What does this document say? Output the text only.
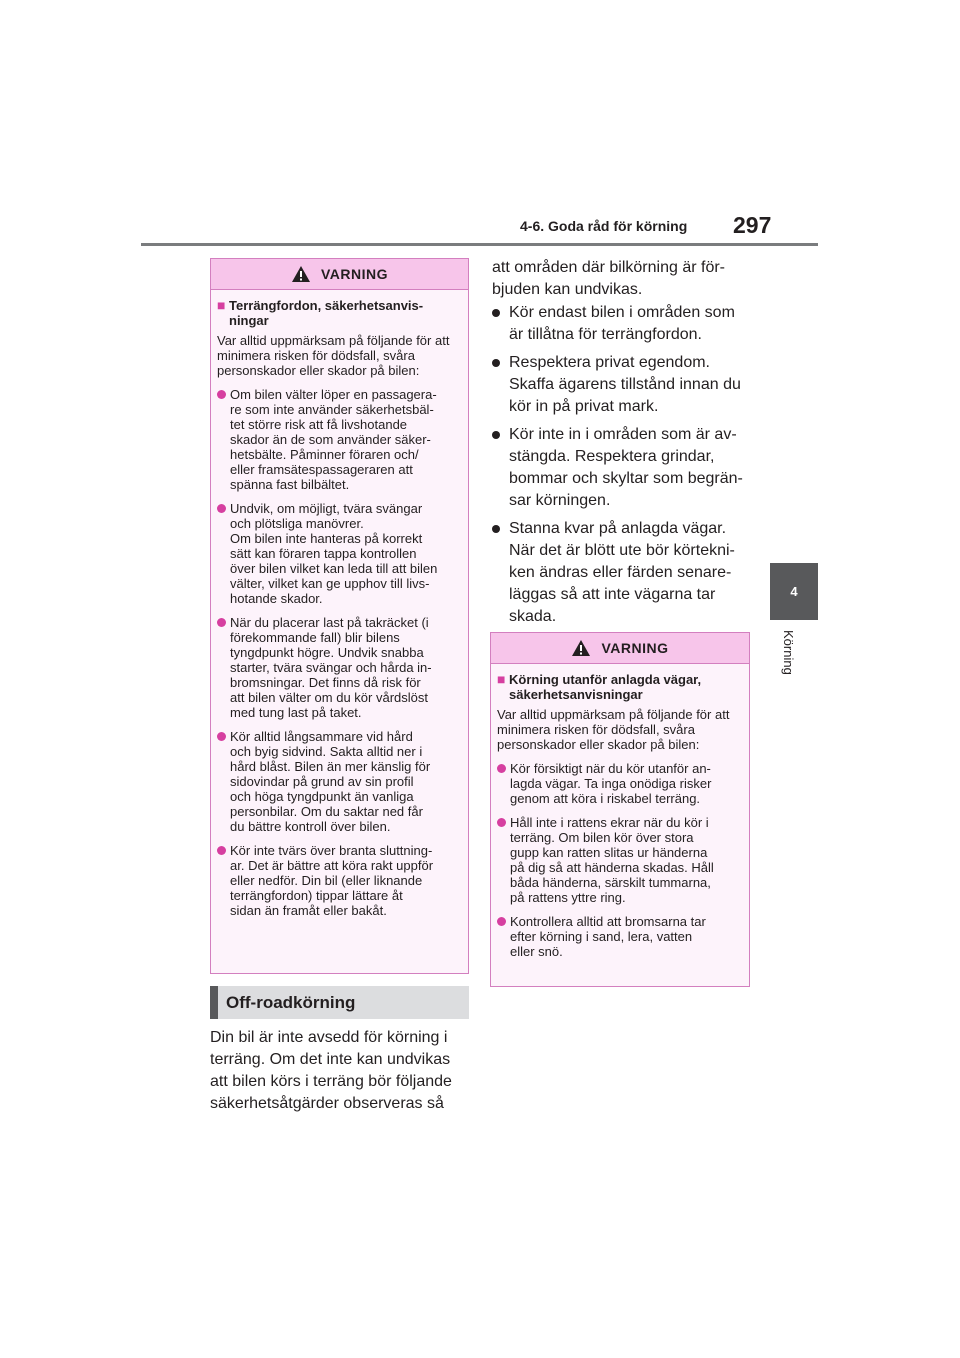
4-6. Goda råd för körning 297
4
Körning
VARNING
■ Terrängfordon, säkerhetsanvis-
ningar
Var alltid uppmärksam på följande för att minimera risken för dödsfall, svåra personskador eller skador på bilen:
Om bilen välter löper en passagera-
re som inte använder säkerhetsbäl-
tet större risk att få livshotande
skador än de som använder säker-
hetsbälte. Påminner föraren och/
eller framsätespassageraren att
spänna fast bilbältet.
Undvik, om möjligt, tvära svängar
och plötsliga manövrer.
Om bilen inte hanteras på korrekt
sätt kan föraren tappa kontrollen
över bilen vilket kan leda till att bilen
välter, vilket kan ge upphov till livs-
hotande skador.
När du placerar last på takräcket (i
förekommande fall) blir bilens
tyngdpunkt högre. Undvik snabba
starter, tvära svängar och hårda in-
bromsningar. Det finns då risk för
att bilen välter om du kör vårdslöst
med tung last på taket.
Kör alltid långsammare vid hård
och byig sidvind. Sakta alltid ner i
hård blåst. Bilen än mer känslig för
sidovindar på grund av sin profil
och höga tyngdpunkt än vanliga
personbilar. Om du saktar ned får
du bättre kontroll över bilen.
Kör inte tvärs över branta sluttning-
ar. Det är bättre att köra rakt uppför
eller nedför. Din bil (eller liknande
terrängfordon) tippar lättare åt
sidan än framåt eller bakåt.
Off-roadkörning
Din bil är inte avsedd för körning i
terräng. Om det inte kan undvikas
att bilen körs i terräng bör följande
säkerhetsåtgärder observeras så
att områden där bilkörning är för-
bjuden kan undvikas.
Kör endast bilen i områden som
är tillåtna för terrängfordon.
Respektera privat egendom.
Skaffa ägarens tillstånd innan du
kör in på privat mark.
Kör inte in i områden som är av-
stängda. Respektera grindar,
bommar och skyltar som begrän-
sar körningen.
Stanna kvar på anlagda vägar.
När det är blött ute bör körtekni-
ken ändras eller färden senare-
läggas så att inte vägarna tar
skada.
VARNING
■ Körning utanför anlagda vägar,
säkerhetsanvisningar
Var alltid uppmärksam på följande för att minimera risken för dödsfall, svåra personskador eller skador på bilen:
Kör försiktigt när du kör utanför an-
lagda vägar. Ta inga onödiga risker
genom att köra i riskabel terräng.
Håll inte i rattens ekrar när du kör i
terräng. Om bilen kör över stora
gupp kan ratten slitas ur händerna
på dig så att händerna skadas. Håll
båda händerna, särskilt tummarna,
på rattens yttre ring.
Kontrollera alltid att bromsarna tar
efter körning i sand, lera, vatten
eller snö.
